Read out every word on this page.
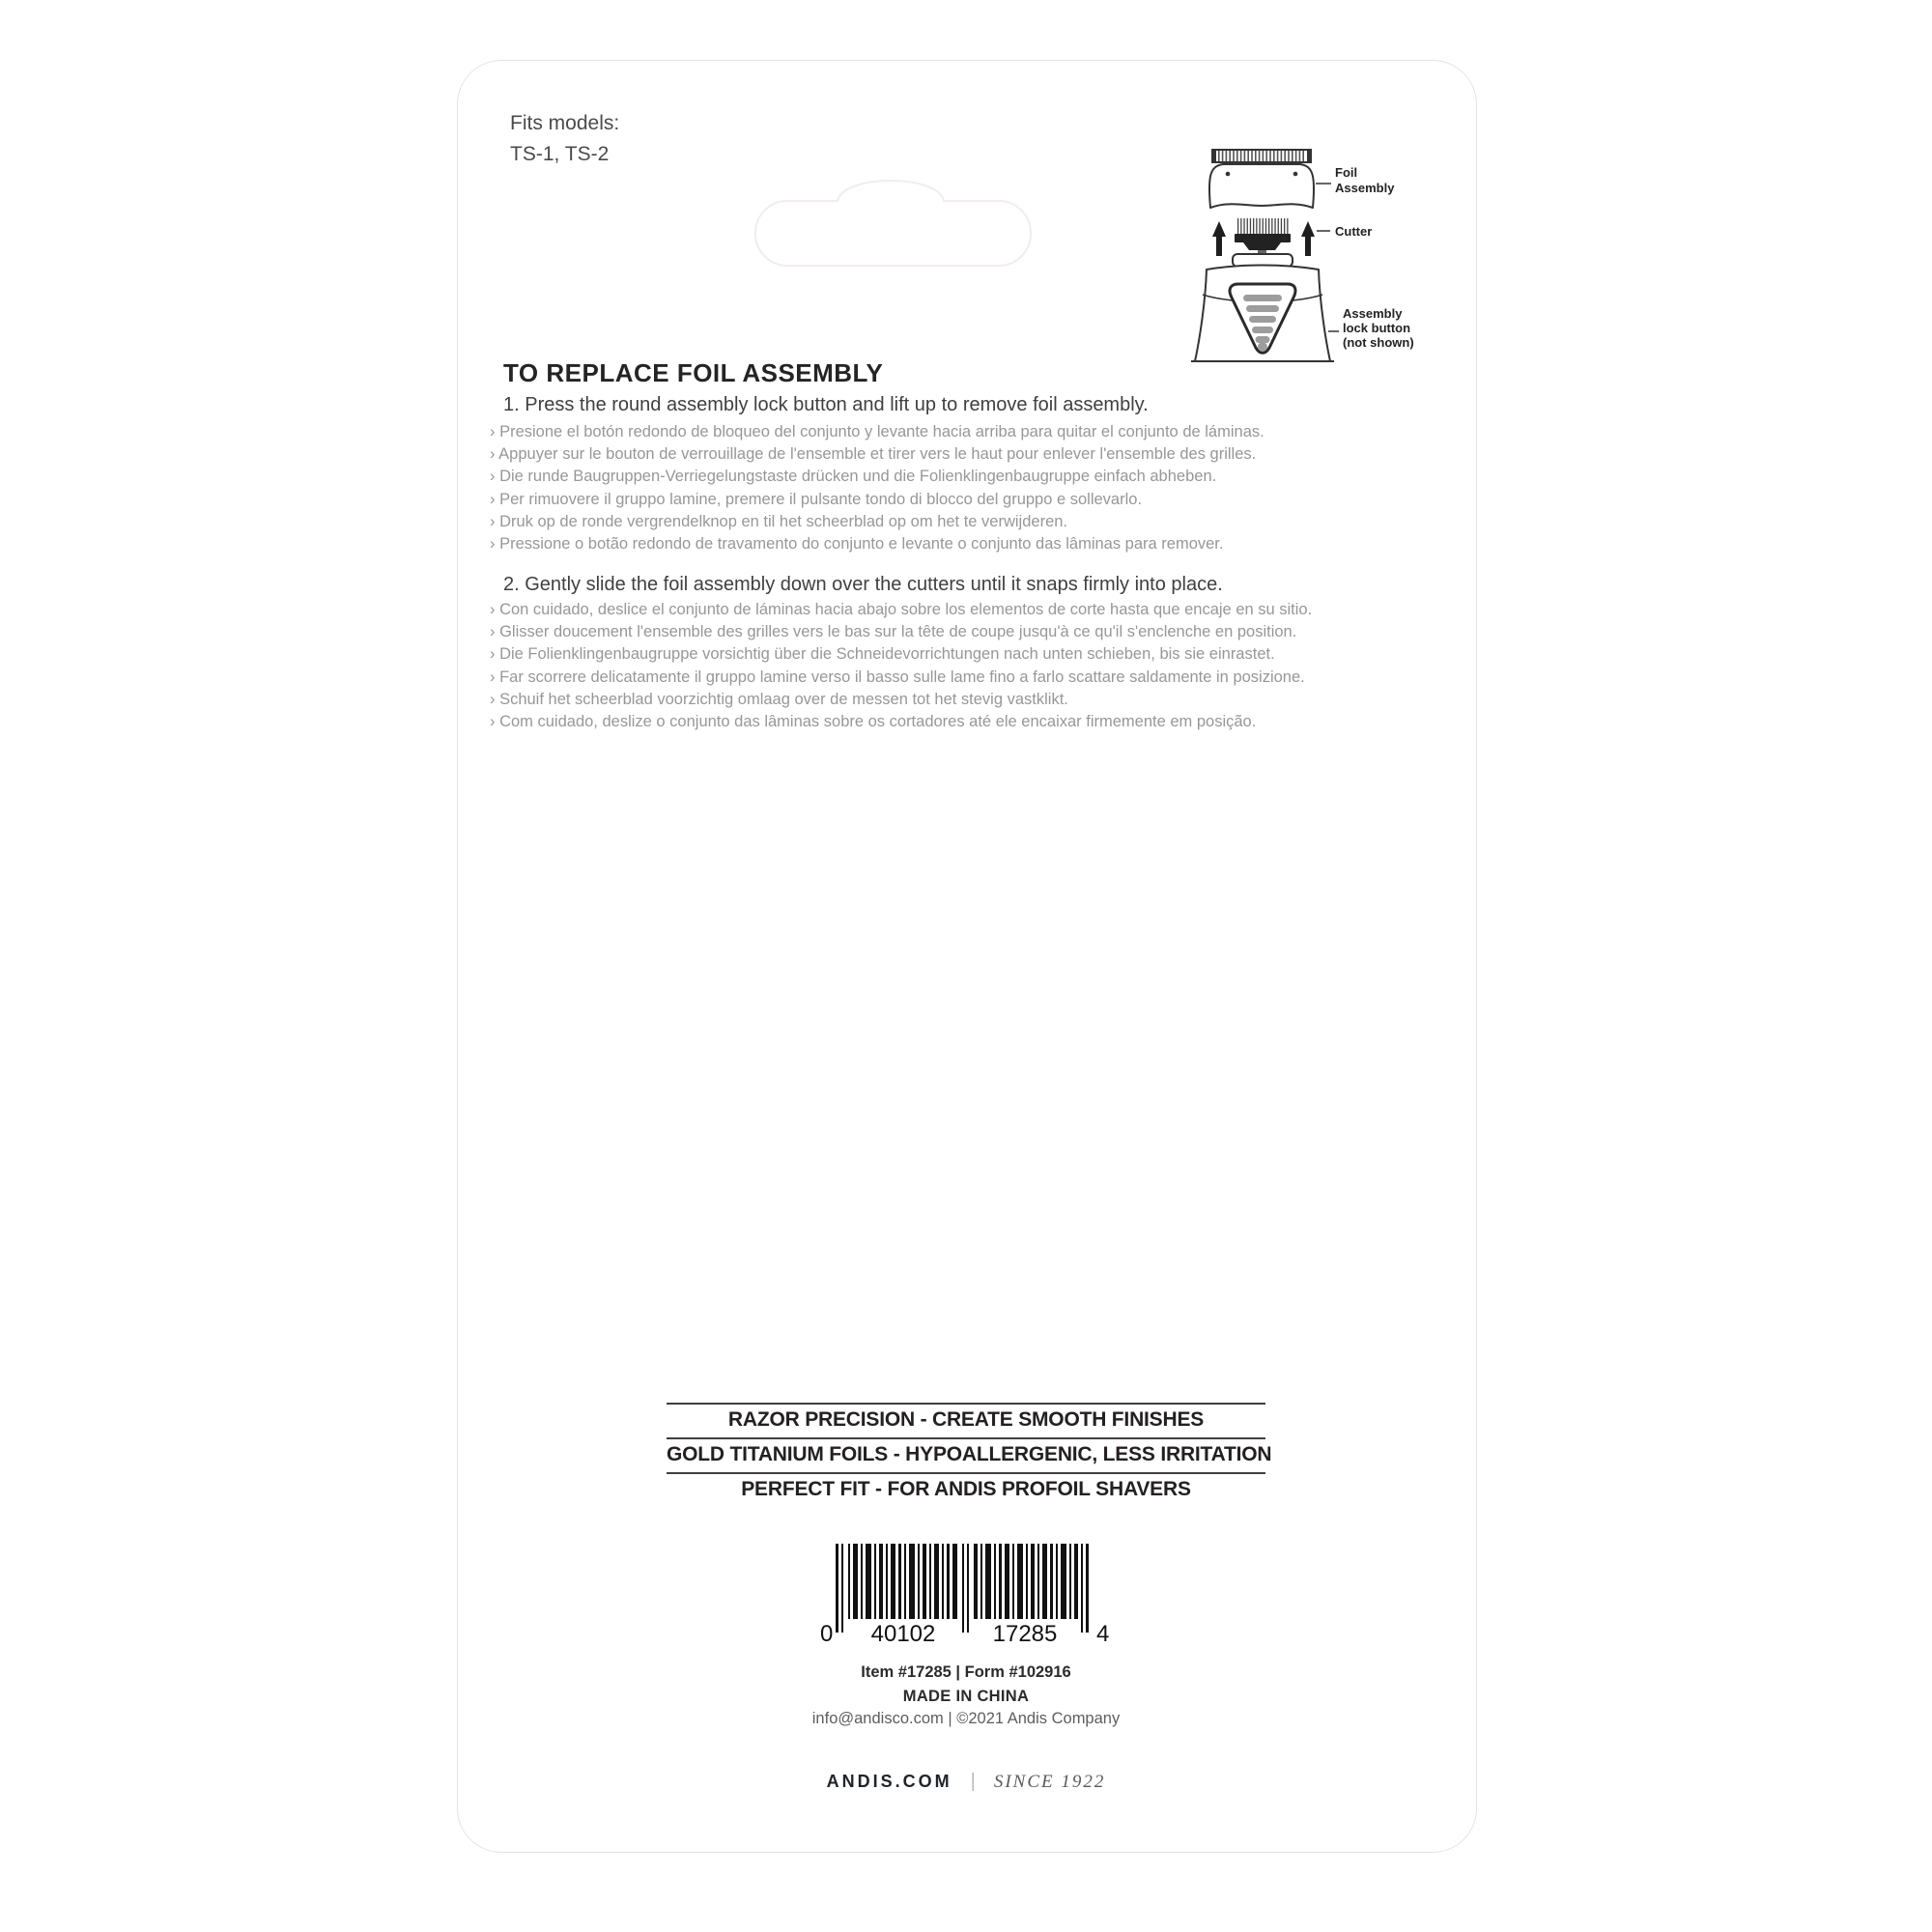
Fits models:
TS-1, TS-2
Foil
Assembly
Cutter
Assembly
lock button
(not shown)
TO REPLACE FOIL ASSEMBLY
1. Press the round assembly lock button and lift up to remove foil assembly.
› Presione el botón redondo de bloqueo del conjunto y levante hacia arriba para quitar el conjunto de láminas.
› Appuyer sur le bouton de verrouillage de l'ensemble et tirer vers le haut pour enlever l'ensemble des grilles.
› Die runde Baugruppen-Verriegelungstaste drücken und die Folienklingenbaugruppe einfach abheben.
› Per rimuovere il gruppo lamine, premere il pulsante tondo di blocco del gruppo e sollevarlo.
› Druk op de ronde vergrendelknop en til het scheerblad op om het te verwijderen.
› Pressione o botão redondo de travamento do conjunto e levante o conjunto das lâminas para remover.
2. Gently slide the foil assembly down over the cutters until it snaps firmly into place.
› Con cuidado, deslice el conjunto de láminas hacia abajo sobre los elementos de corte hasta que encaje en su sitio.
› Glisser doucement l'ensemble des grilles vers le bas sur la tête de coupe jusqu'à ce qu'il s'enclenche en position.
› Die Folienklingenbaugruppe vorsichtig über die Schneidevorrichtungen nach unten schieben, bis sie einrastet.
› Far scorrere delicatamente il gruppo lamine verso il basso sulle lame fino a farlo scattare saldamente in posizione.
› Schuif het scheerblad voorzichtig omlaag over de messen tot het stevig vastklikt.
› Com cuidado, deslize o conjunto das lâminas sobre os cortadores até ele encaixar firmemente em posição.
RAZOR PRECISION - CREATE SMOOTH FINISHES
GOLD TITANIUM FOILS - HYPOALLERGENIC, LESS IRRITATION
PERFECT FIT - FOR ANDIS PROFOIL SHAVERS
0 40102 17285 4
Item #17285 | Form #102916
MADE IN CHINA
info@andisco.com | ©2021 Andis Company
ANDIS.COM | SINCE 1922
